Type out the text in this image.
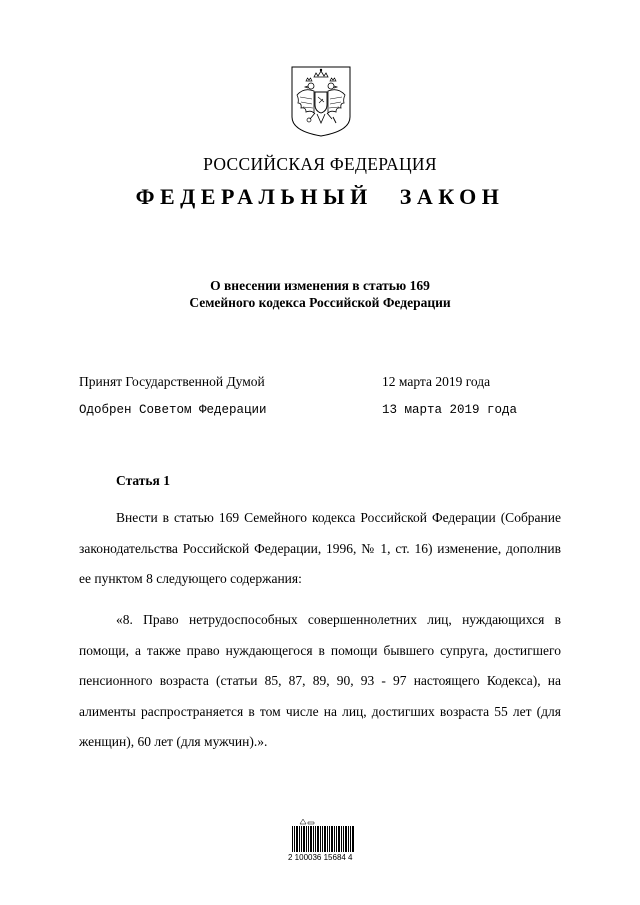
РОССИЙСКАЯ ФЕДЕРАЦИЯ
ФЕДЕРАЛЬНЫЙ ЗАКОН
О внесении изменения в статью 169
Семейного кодекса Российской Федерации
Принят Государственной Думой	12 марта 2019 года
Одобрен Советом Федерации	13 марта 2019 года
Статья 1

Внести в статью 169 Семейного кодекса Российской Федерации (Собрание законодательства Российской Федерации, 1996, № 1, ст. 16) изменение, дополнив ее пунктом 8 следующего содержания:

«8. Право нетрудоспособных совершеннолетних лиц, нуждающихся в помощи, а также право нуждающегося в помощи бывшего супруга, достигшего пенсионного возраста (статьи 85, 87, 89, 90, 93 - 97 настоящего Кодекса), на алименты распространяется в том числе на лиц, достигших возраста 55 лет (для женщин), 60 лет (для мужчин).».

2 100036 15684 4
